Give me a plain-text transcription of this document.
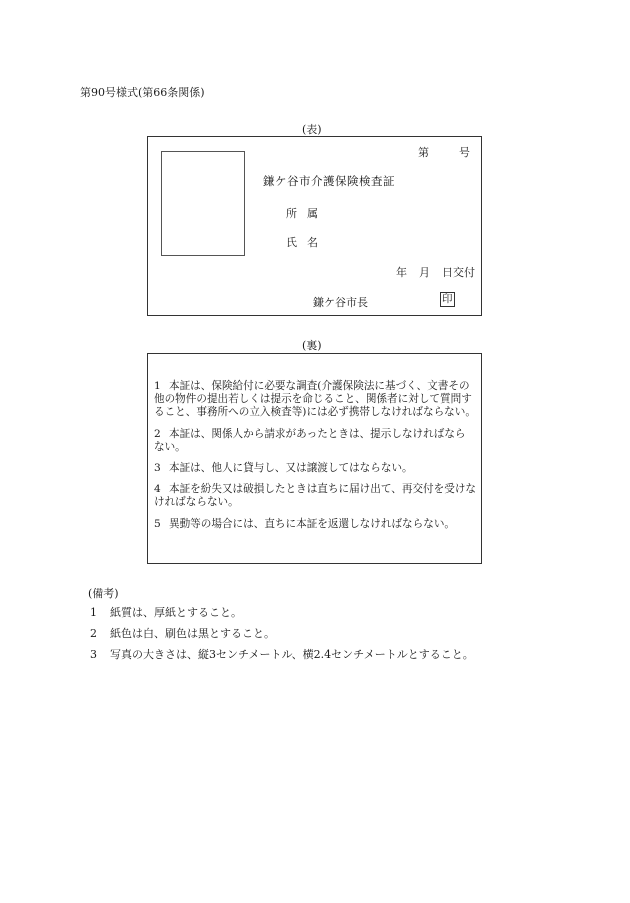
第90号様式(第66条関係)
(表)
第	号
鎌ケ谷市介護保険検査証
所属
氏名
年 月 日交付
鎌ケ谷市長	印
(裏)
1 本証は、保険給付に必要な調査(介護保険法に基づく、文書その他の物件の提出若しくは提示を命じること、関係者に対して質問すること、事務所への立入検査等)には必ず携帯しなければならない。
2 本証は、関係人から請求があったときは、提示しなければならない。
3 本証は、他人に貸与し、又は譲渡してはならない。
4 本証を紛失又は破損したときは直ちに届け出て、再交付を受けなければならない。
5 異動等の場合には、直ちに本証を返還しなければならない。
(備考)
1 紙質は、厚紙とすること。
2 紙色は白、刷色は黒とすること。
3 写真の大きさは、縦3センチメートル、横2.4センチメートルとすること。
